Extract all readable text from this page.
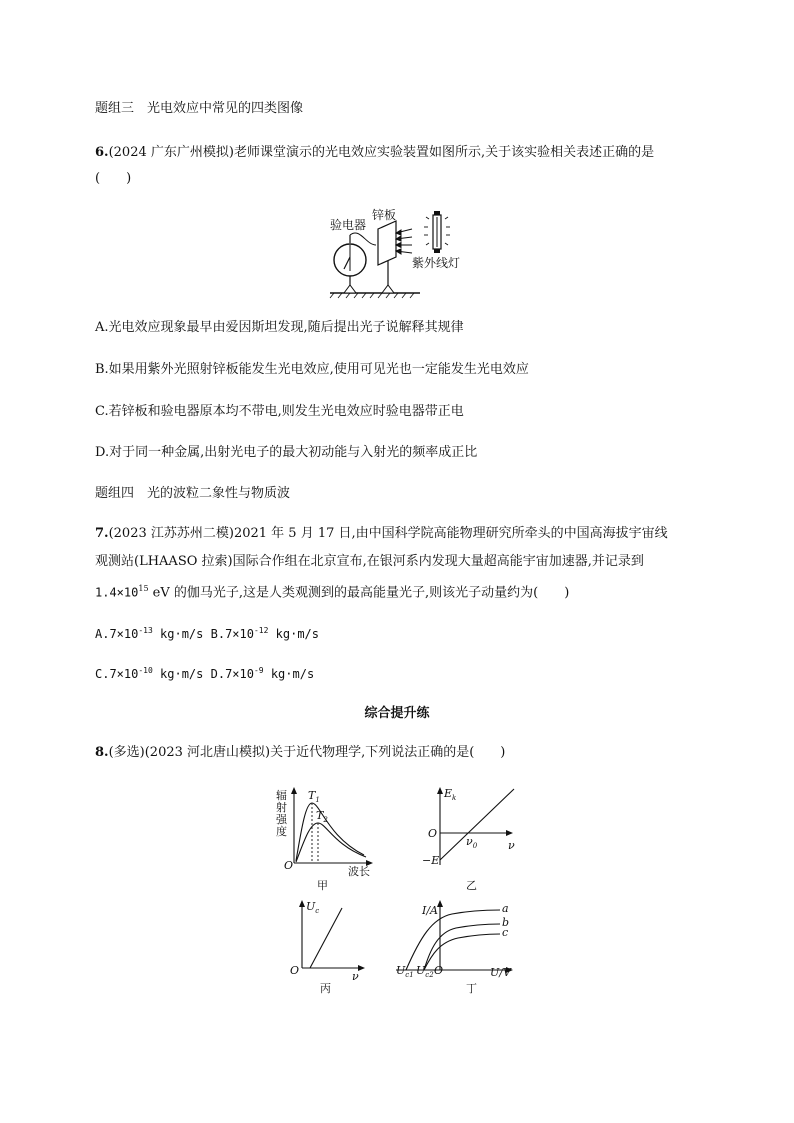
题组三　光电效应中常见的四类图像
6.(2024 广东广州模拟)老师课堂演示的光电效应实验装置如图所示,关于该实验相关表述正确的是
(　　)
验电器
锌板
紫外线灯
A.光电效应现象最早由爱因斯坦发现,随后提出光子说解释其规律
B.如果用紫外光照射锌板能发生光电效应,使用可见光也一定能发生光电效应
C.若锌板和验电器原本均不带电,则发生光电效应时验电器带正电
D.对于同一种金属,出射光电子的最大初动能与入射光的频率成正比
题组四　光的波粒二象性与物质波
7.(2023 江苏苏州二模)2021 年 5 月 17 日,由中国科学院高能物理研究所牵头的中国高海拔宇宙线
观测站(LHAASO 拉索)国际合作组在北京宣布,在银河系内发现大量超高能宇宙加速器,并记录到
$1.4\times 10^{15}$ eV 的伽马光子,这是人类观测到的最高能量光子,则该光子动量约为(　　)
$A.7\times 10^{-13}$ kg·m/s $B.7\times 10^{-12}$ kg·m/s
$C.7\times 10^{-10}$ kg·m/s $D.7\times 10^{-9}$ kg·m/s
综合提升练
8.(多选)(2023 河北唐山模拟)关于近代物理学,下列说法正确的是(　　)
辐
射
强
度
O	波长
$T_1$
$T_2$
甲
$E_k$
O
ν
$\nu_0$
−E
乙
$U_c$
O	ν
丙
I/A
O	U/V
$U_{c1}$ $U_{c2}$
a
b
c
丁
